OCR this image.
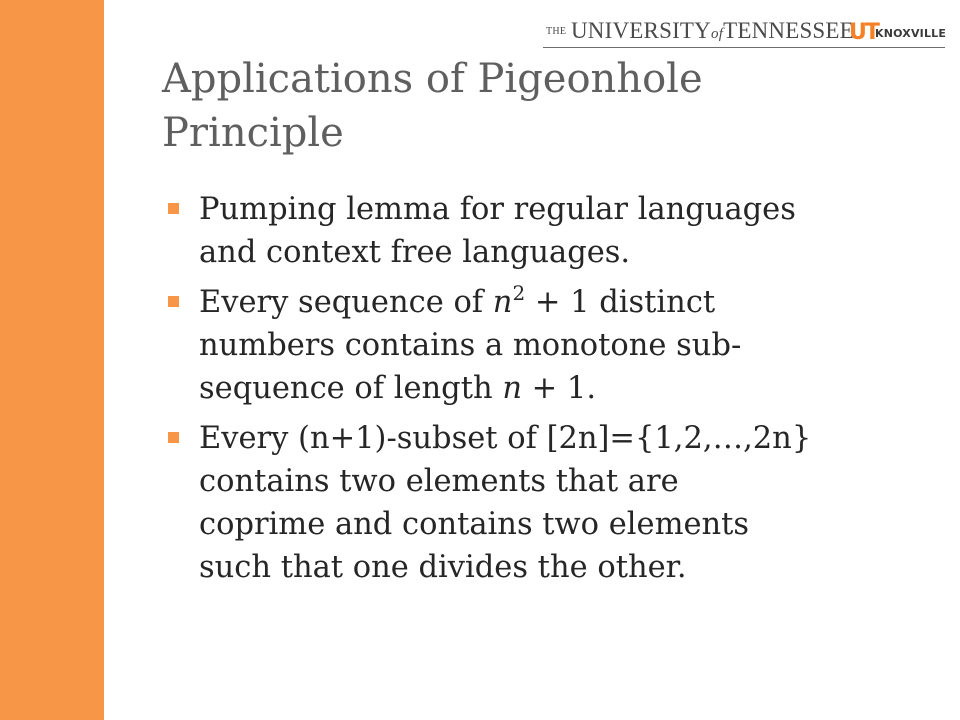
THE UNIVERSITYofTENNESSEE
UT
KNOXVILLE
Applications of Pigeonhole
Principle
Pumping lemma for regular languages
and context free languages.
Every sequence of $n^2 + 1$ distinct
numbers contains a monotone sub-
sequence of length n + 1.
Every (n+1)-subset of [2n]={1,2,…,2n}
contains two elements that are
coprime and contains two elements
such that one divides the other.
